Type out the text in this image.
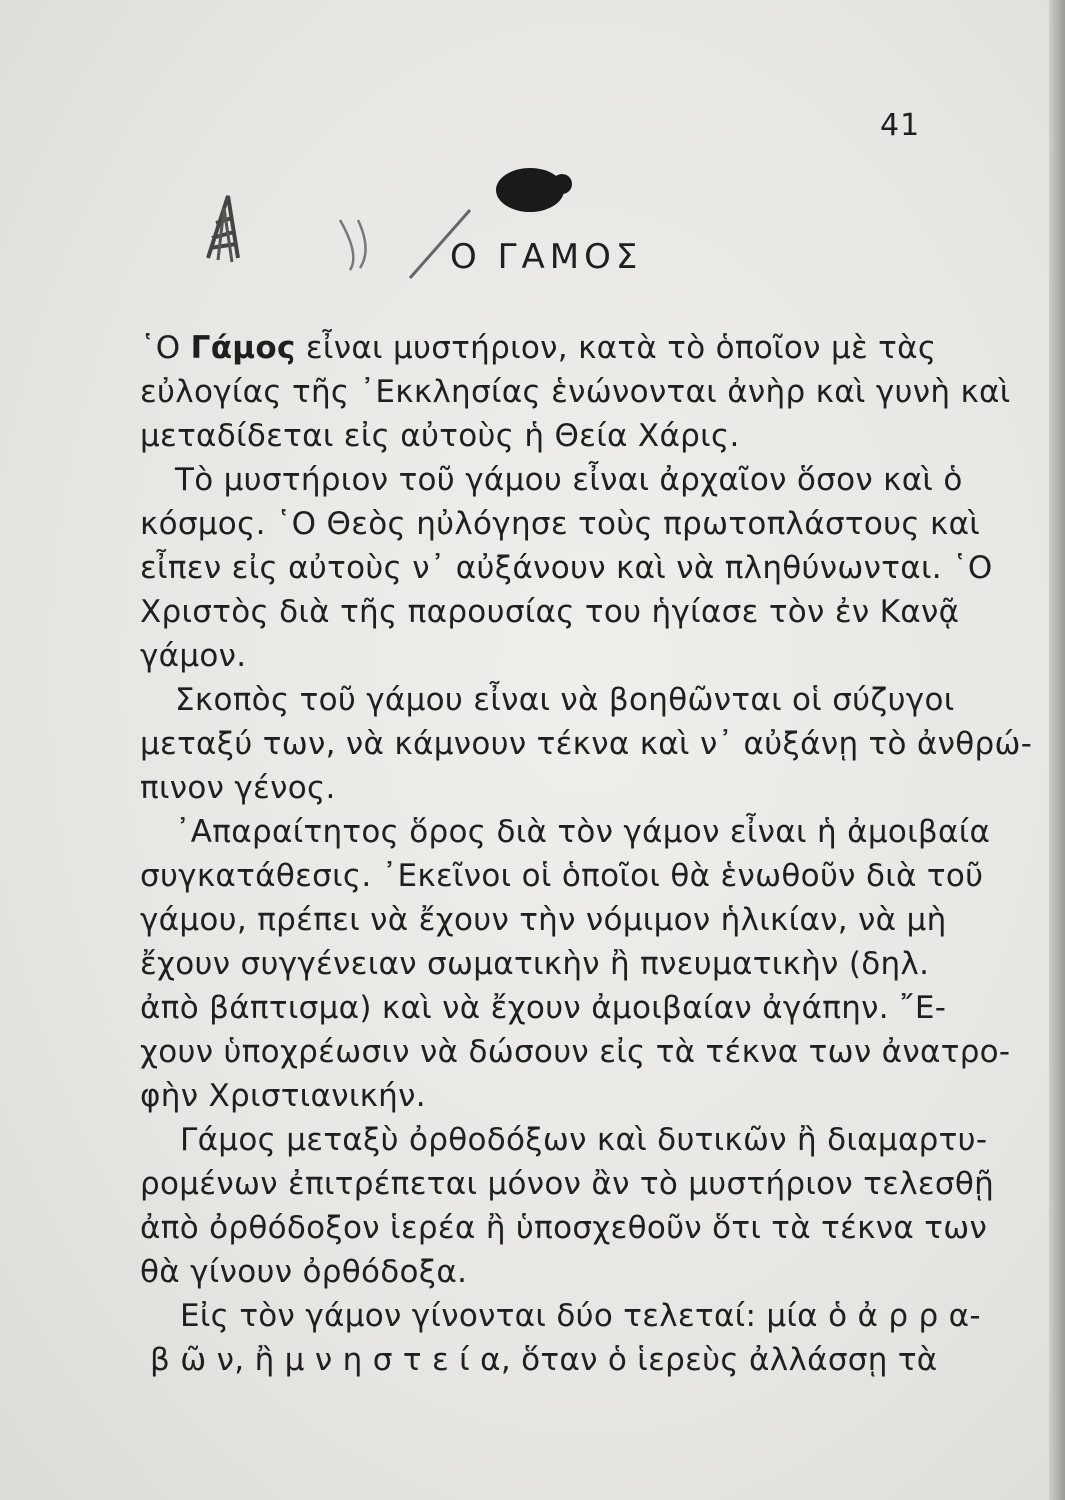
41
Ο ΓΑΜΟΣ
῾Ο Γάμος εἶναι μυστήριον, κατὰ τὸ ὁποῖον μὲ τὰς
εὐλογίας τῆς ᾿Εκκλησίας ἑνώνονται ἀνὴρ καὶ γυνὴ καὶ
μεταδίδεται εἰς αὐτοὺς ἡ Θεία Χάρις.
Τὸ μυστήριον τοῦ γάμου εἶναι ἀρχαῖον ὅσον καὶ ὁ
κόσμος. ῾Ο Θεὸς ηὐλόγησε τοὺς πρωτοπλάστους καὶ
εἶπεν εἰς αὐτοὺς ν᾿ αὐξάνουν καὶ νὰ πληθύνωνται. ῾Ο
Χριστὸς διὰ τῆς παρουσίας του ἡγίασε τὸν ἐν Κανᾷ
γάμον.
Σκοπὸς τοῦ γάμου εἶναι νὰ βοηθῶνται οἱ σύζυγοι
μεταξύ των, νὰ κάμνουν τέκνα καὶ ν᾿ αὐξάνῃ τὸ ἀνθρώ-
πινον γένος.
᾿Απαραίτητος ὅρος διὰ τὸν γάμον εἶναι ἡ ἀμοιβαία
συγκατάθεσις. ᾿Εκεῖνοι οἱ ὁποῖοι θὰ ἑνωθοῦν διὰ τοῦ
γάμου, πρέπει νὰ ἔχουν τὴν νόμιμον ἡλικίαν, νὰ μὴ
ἔχουν συγγένειαν σωματικὴν ἢ πνευματικὴν (δηλ.
ἀπὸ βάπτισμα) καὶ νὰ ἔχουν ἀμοιβαίαν ἀγάπην. ῎Ε-
χουν ὑποχρέωσιν νὰ δώσουν εἰς τὰ τέκνα των ἀνατρο-
φὴν Χριστιανικήν.
Γάμος μεταξὺ ὀρθοδόξων καὶ δυτικῶν ἢ διαμαρτυ-
ρομένων ἐπιτρέπεται μόνον ἂν τὸ μυστήριον τελεσθῇ
ἀπὸ ὀρθόδοξον ἱερέα ἢ ὑποσχεθοῦν ὅτι τὰ τέκνα των
θὰ γίνουν ὀρθόδοξα.
Εἰς τὸν γάμον γίνονται δύο τελεταί: μία ὁ ἀ ρ ρ α-
β ῶ ν, ἢ μ ν η σ τ ε ί α, ὅταν ὁ ἱερεὺς ἀλλάσσῃ τὰ
